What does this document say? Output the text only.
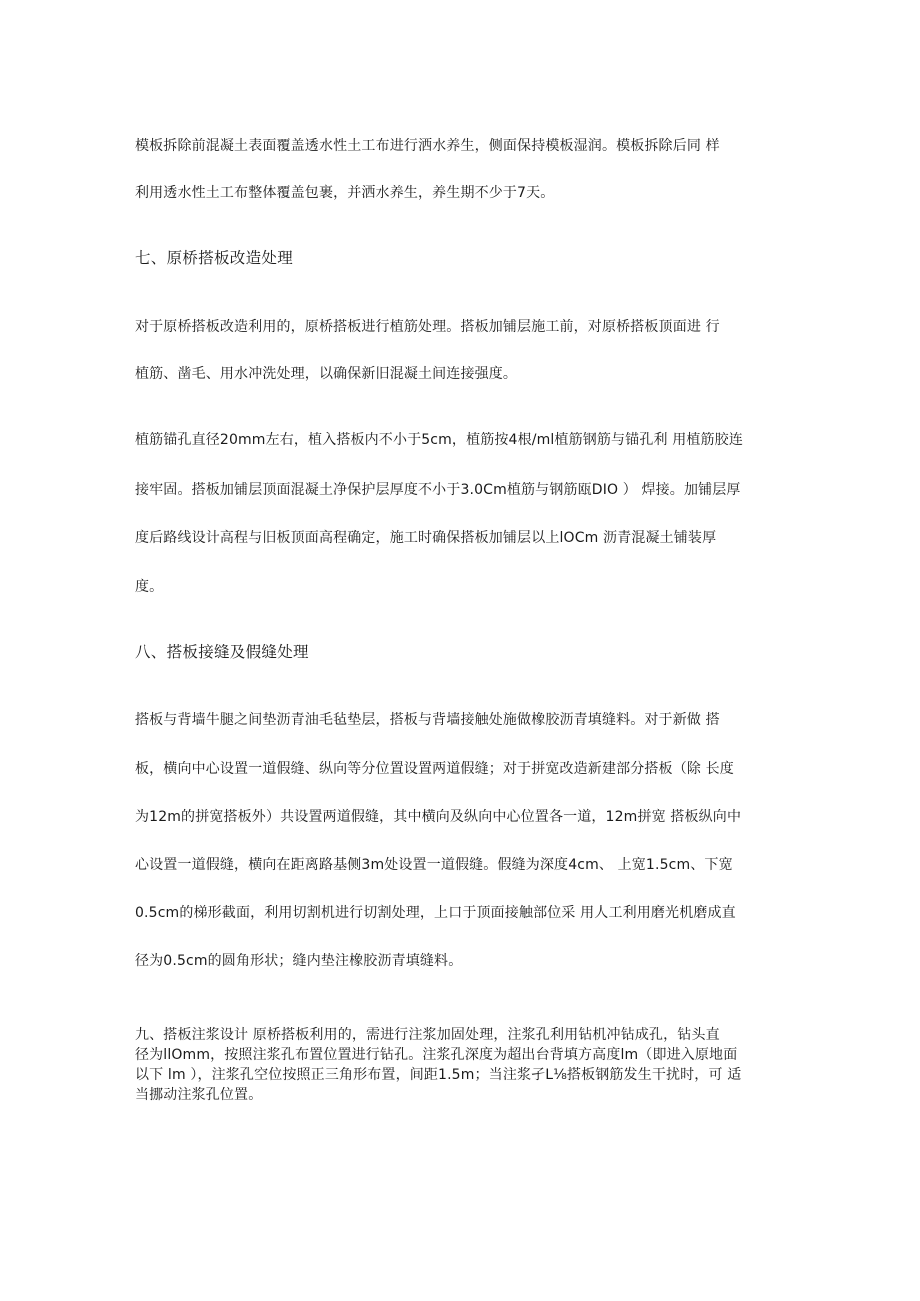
模板拆除前混凝土表面覆盖透水性土工布进行洒水养生，侧面保持模板湿润。模板拆除后同 样
利用透水性土工布整体覆盖包裹，并洒水养生，养生期不少于7天。
七、原桥搭板改造处理
对于原桥搭板改造利用的，原桥搭板进行植筋处理。搭板加铺层施工前，对原桥搭板顶面进 行
植筋、凿毛、用水冲洗处理，以确保新旧混凝土间连接强度。
植筋锚孔直径20mm左右，植入搭板内不小于5cm，植筋按4根/ml植筋钢筋与锚孔利 用植筋胶连
接牢固。搭板加铺层顶面混凝土净保护层厚度不小于3.0Cm植筋与钢筋瓯DIO ） 焊接。加铺层厚
度后路线设计高程与旧板顶面高程确定，施工时确保搭板加铺层以上lOCm 沥青混凝土铺装厚
度。
八、搭板接缝及假缝处理
搭板与背墙牛腿之间垫沥青油毛毡垫层，搭板与背墙接触处施做橡胶沥青填缝料。对于新做 搭
板，横向中心设置一道假缝、纵向等分位置设置两道假缝；对于拼宽改造新建部分搭板（除 长度
为12m的拼宽搭板外）共设置两道假缝，其中横向及纵向中心位置各一道，12m拼宽 搭板纵向中
心设置一道假缝，横向在距离路基侧3m处设置一道假缝。假缝为深度4cm、 上宽1.5cm、下宽
0.5cm的梯形截面，利用切割机进行切割处理，上口于顶面接触部位采 用人工利用磨光机磨成直
径为0.5cm的圆角形状；缝内垫注橡胶沥青填缝料。
九、搭板注浆设计 原桥搭板利用的，需进行注浆加固处理，注浆孔利用钻机冲钻成孔，钻头直
径为llOmm，按照注浆孔布置位置进行钻孔。注浆孔深度为超出台背填方高度lm（即进入原地面
以下 lm ），注浆孔空位按照正三角形布置，间距1.5m；当注浆孑L⅛搭板钢筋发生干扰时，可 适
当挪动注浆孔位置。
